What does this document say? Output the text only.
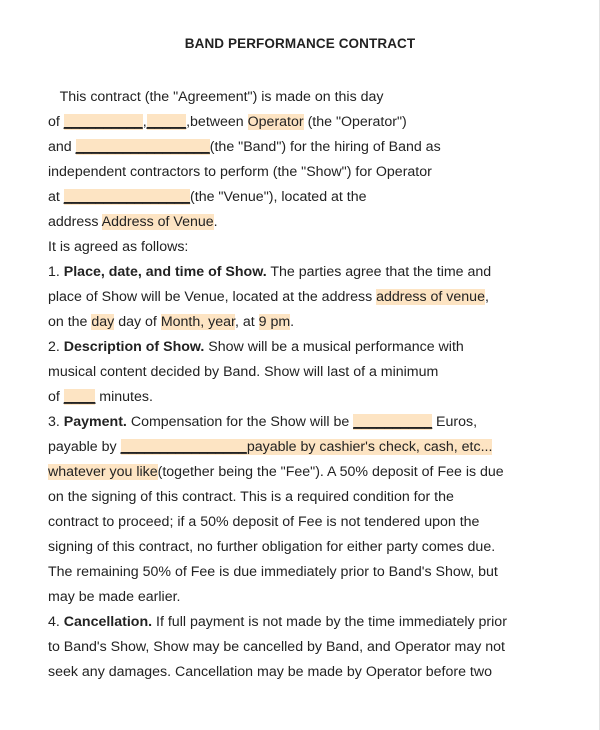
BAND PERFORMANCE CONTRACT
This contract (the "Agreement") is made on this day
of __________,_____,between Operator (the "Operator")
and _________________(the "Band") for the hiring of Band as
independent contractors to perform (the "Show") for Operator
at ________________(the "Venue"), located at the
address Address of Venue.
It is agreed as follows:
1. Place, date, and time of Show. The parties agree that the time and
place of Show will be Venue, located at the address address of venue,
on the day day of Month, year, at 9 pm.
2. Description of Show. Show will be a musical performance with
musical content decided by Band. Show will last of a minimum
of ____ minutes.
3. Payment. Compensation for the Show will be __________ Euros,
payable by ________________payable by cashier's check, cash, etc...
whatever you like(together being the "Fee"). A 50% deposit of Fee is due
on the signing of this contract. This is a required condition for the
contract to proceed; if a 50% deposit of Fee is not tendered upon the
signing of this contract, no further obligation for either party comes due.
The remaining 50% of Fee is due immediately prior to Band's Show, but
may be made earlier.
4. Cancellation. If full payment is not made by the time immediately prior
to Band's Show, Show may be cancelled by Band, and Operator may not
seek any damages. Cancellation may be made by Operator before two
